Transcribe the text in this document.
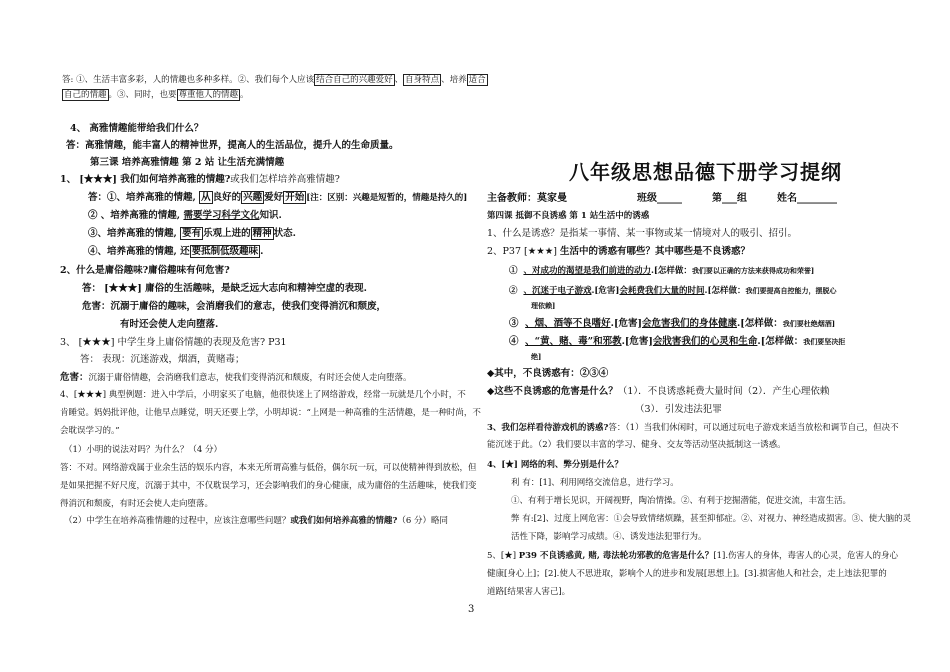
答: ①、生活丰富多彩，人的情趣也多种多样。②、我们每个人应该 结合自己的兴趣爱好 、 自身特点 、培养 适合
自己的情趣 。③、同时，也要 尊重他人的情趣 。
4、 高雅情趣能带给我们什么？
答：高雅情趣，能丰富人的精神世界，提高人的生活品位，提升人的生命质量。
第三课 培养高雅情趣 第 2 站 让生活充满情趣
1、 [★★★] 我们如何培养高雅的情趣?或我们怎样培养高雅情趣?
答：①、培养高雅的情趣, 从 良好的 兴趣 爱好 开始 [注：区别：兴趣是短暂的，情趣是持久的]
② 、培养高雅的情趣, 需要学习科学文化知识.
③、培养高雅的情趣, 要有 乐观上进的 精神 状态.
④、培养高雅的情趣, 还 要抵制低级趣味 .
2、什么是庸俗趣味?庸俗趣味有何危害?
答： [★★★] 庸俗的生活趣味，是缺乏远大志向和精神空虚的表现.
危害：沉溺于庸俗的趣味，会消磨我们的意志，使我们变得消沉和颓废，
有时还会使人走向堕落.
3、 [★★★] 中学生身上庸俗情趣的表现及危害? P31
答： 表现：沉迷游戏，烟酒，黄赌毒；
危害：沉溺于庸俗情趣，会消磨我们意志，使我们变得消沉和颓废，有时还会使人走向堕落。
4、[★★★] 典型例题：进入中学后，小明家买了电脑，他很快迷上了网络游戏，经常一玩就是几个小时，不
肯睡觉。妈妈批评他，让他早点睡觉，明天还要上学，小明却说：“上网是一种高雅的生活情趣，是一种时尚，不
会耽误学习的。”
（1）小明的说法对吗？为什么？（4 分）
答：不对。网络游戏属于业余生活的娱乐内容，本来无所谓高雅与低俗，偶尔玩一玩，可以使精神得到放松，但
是如果把握不好尺度，沉溺于其中，不仅耽误学习，还会影响我们的身心健康，成为庸俗的生活趣味，使我们变
得消沉和颓废，有时还会使人走向堕落。
（2）中学生在培养高雅情趣的过程中，应该注意哪些问题？或我们如何培养高雅的情趣?（6 分）略同
八年级思想品德下册学习提纲
主备教师：莫家曼	班级_____	第___组	姓名________
第四课 抵御不良诱惑 第 1 站生活中的诱惑
1、什么是诱惑？是指某一事情、某一事物或某一情境对人的吸引、招引。
2、P37 [★★★] 生活中的诱惑有哪些？其中哪些是不良诱惑？
① 、对成功的渴望是我们前进的动力.[怎样做：我们要以正确的方法来获得成功和荣誉]
② 、沉迷于电子游戏.[危害]会耗费我们大量的时间.[怎样做：我们要提高自控能力，摆脱心
理依赖]
③ 、烟、酒等不良嗜好.[危害]会危害我们的身体健康.[怎样做：我们要杜绝烟酒]
④ 、“黄、赌、毒”和邪教.[危害]会戕害我们的心灵和生命.[怎样做：我们要坚决拒
绝]
◆其中，不良诱惑有：②③④
◆这些不良诱惑的危害是什么？（1）．不良诱惑耗费大量时间（2）．产生心理依赖
（3）．引发违法犯罪
3、我们怎样看待游戏机的诱惑?答：（1）当我们休闲时，可以通过玩电子游戏来适当放松和调节自己，但决不
能沉迷于此。（2）我们要以丰富的学习、健身、交友等活动坚决抵制这一诱惑。
4、[★] 网络的利、弊分别是什么？
利 有：[1]、利用网络交流信息，进行学习。
①、有利于增长见识，开阔视野，陶冶情操。②、有利于挖掘潜能，促进交流，丰富生活。
弊 有:[2]、过度上网危害：①会导致情绪烦躁，甚至抑郁症。②、对视力、神经造成损害。③、使大脑的灵
活性下降，影响学习成绩。④、诱发违法犯罪行为。
5、[★] P39 不良诱惑黄, 赌, 毒法轮功邪教的危害是什么？[1].伤害人的身体，毒害人的心灵，危害人的身心
健康[身心上]；[2].使人不思进取，影响个人的进步和发展[思想上]。[3].损害他人和社会，走上违法犯罪的
道路[结果害人害己]。
3
